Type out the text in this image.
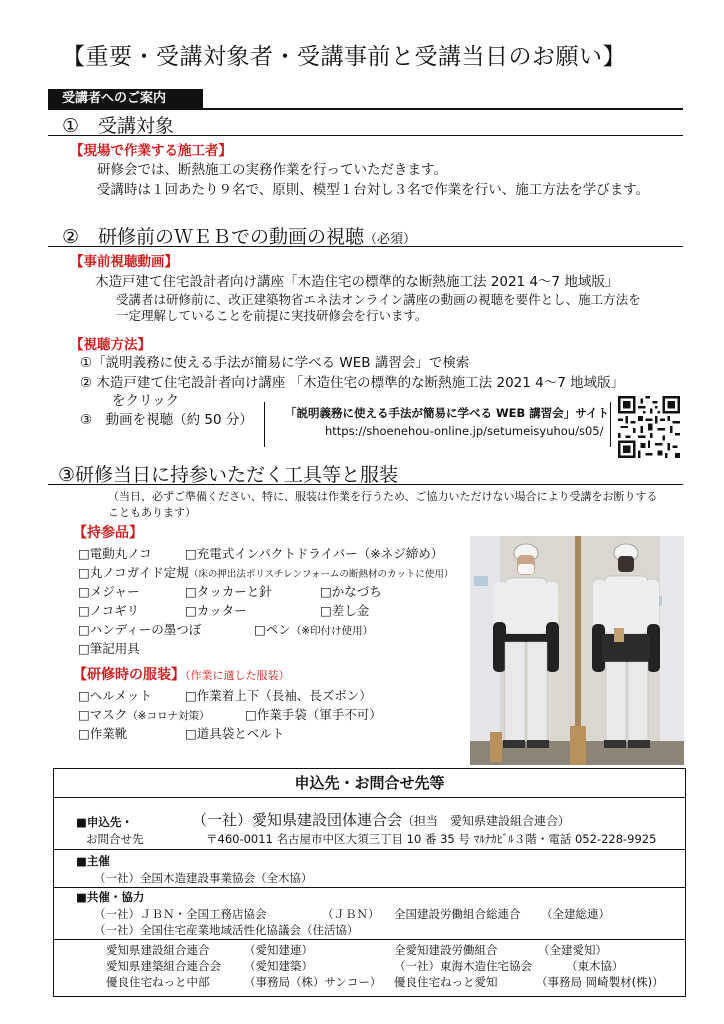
【重要・受講対象者・受講事前と受講当日のお願い】
受講者へのご案内
①　受講対象
【現場で作業する施工者】
研修会では、断熱施工の実務作業を行っていただきます。
受講時は１回あたり９名で、原則、模型１台対し３名で作業を行い、施工方法を学びます。
②　研修前のＷＥＢでの動画の視聴（必須）
【事前視聴動画】
木造戸建て住宅設計者向け講座「木造住宅の標準的な断熱施工法 2021 4～7 地域版」
受講者は研修前に、改正建築物省エネ法オンライン講座の動画の視聴を要件とし、施工方法を
一定理解していることを前提に実技研修会を行います。
【視聴方法】
①「説明義務に使える手法が簡易に学べる WEB 講習会」で検索
② 木造戸建て住宅設計者向け講座 「木造住宅の標準的な断熱施工法 2021 4～7 地域版」
をクリック
③　動画を視聴（約 50 分）	「説明義務に使える手法が簡易に学べる WEB 講習会」サイト
https://shoenehou-online.jp/setumeisyuhou/s05/
③研修当日に持参いただく工具等と服装
（当日、必ずご準備ください、特に、服装は作業を行うため、ご協力いただけない場合により受講をお断りする
こともあります）
【持参品】
□電動丸ノコ	□充電式インパクトドライバー（※ネジ締め）
□丸ノコガイド定規（床の押出法ポリスチレンフォームの断熱材のカットに使用）
□メジャー	□タッカーと針	□かなづち
□ノコギリ	□カッター	□差し金
□ハンディーの墨つぼ	□ペン（※印付け使用）
□筆記用具
【研修時の服装】（作業に適した服装）
□ヘルメット	□作業着上下（長袖、長ズボン）
□マスク（※コロナ対策）	□作業手袋（軍手不可）
□作業靴	□道具袋とベルト
申込先・お問合せ先等
■申込先・
お問合せ先
（一社）愛知県建設団体連合会（担当　愛知県建設組合連合）
〒460-0011 名古屋市中区大須三丁目 10 番 35 号 ﾏﾙﾅｶﾋﾞﾙ３階・電話 052-228-9925
■主催
（一社）全国木造建設事業協会（全木協）
■共催・協力
（一社）ＪＢＮ・全国工務店協会	（ＪＢＮ） 全国建設労働組合総連合 （全建総連）
（一社）全国住宅産業地域活性化協議会（住活協）
愛知県建設組合連合	（愛知建連）	全愛知建設労働組合	（全建愛知）
愛知県建築組合連合会 （愛知建築）	（一社）東海木造住宅協会	（東木協）
優良住宅ねっと中部	（事務局（株）サンコー） 優良住宅ねっと愛知	（事務局 岡崎製材(株)）
